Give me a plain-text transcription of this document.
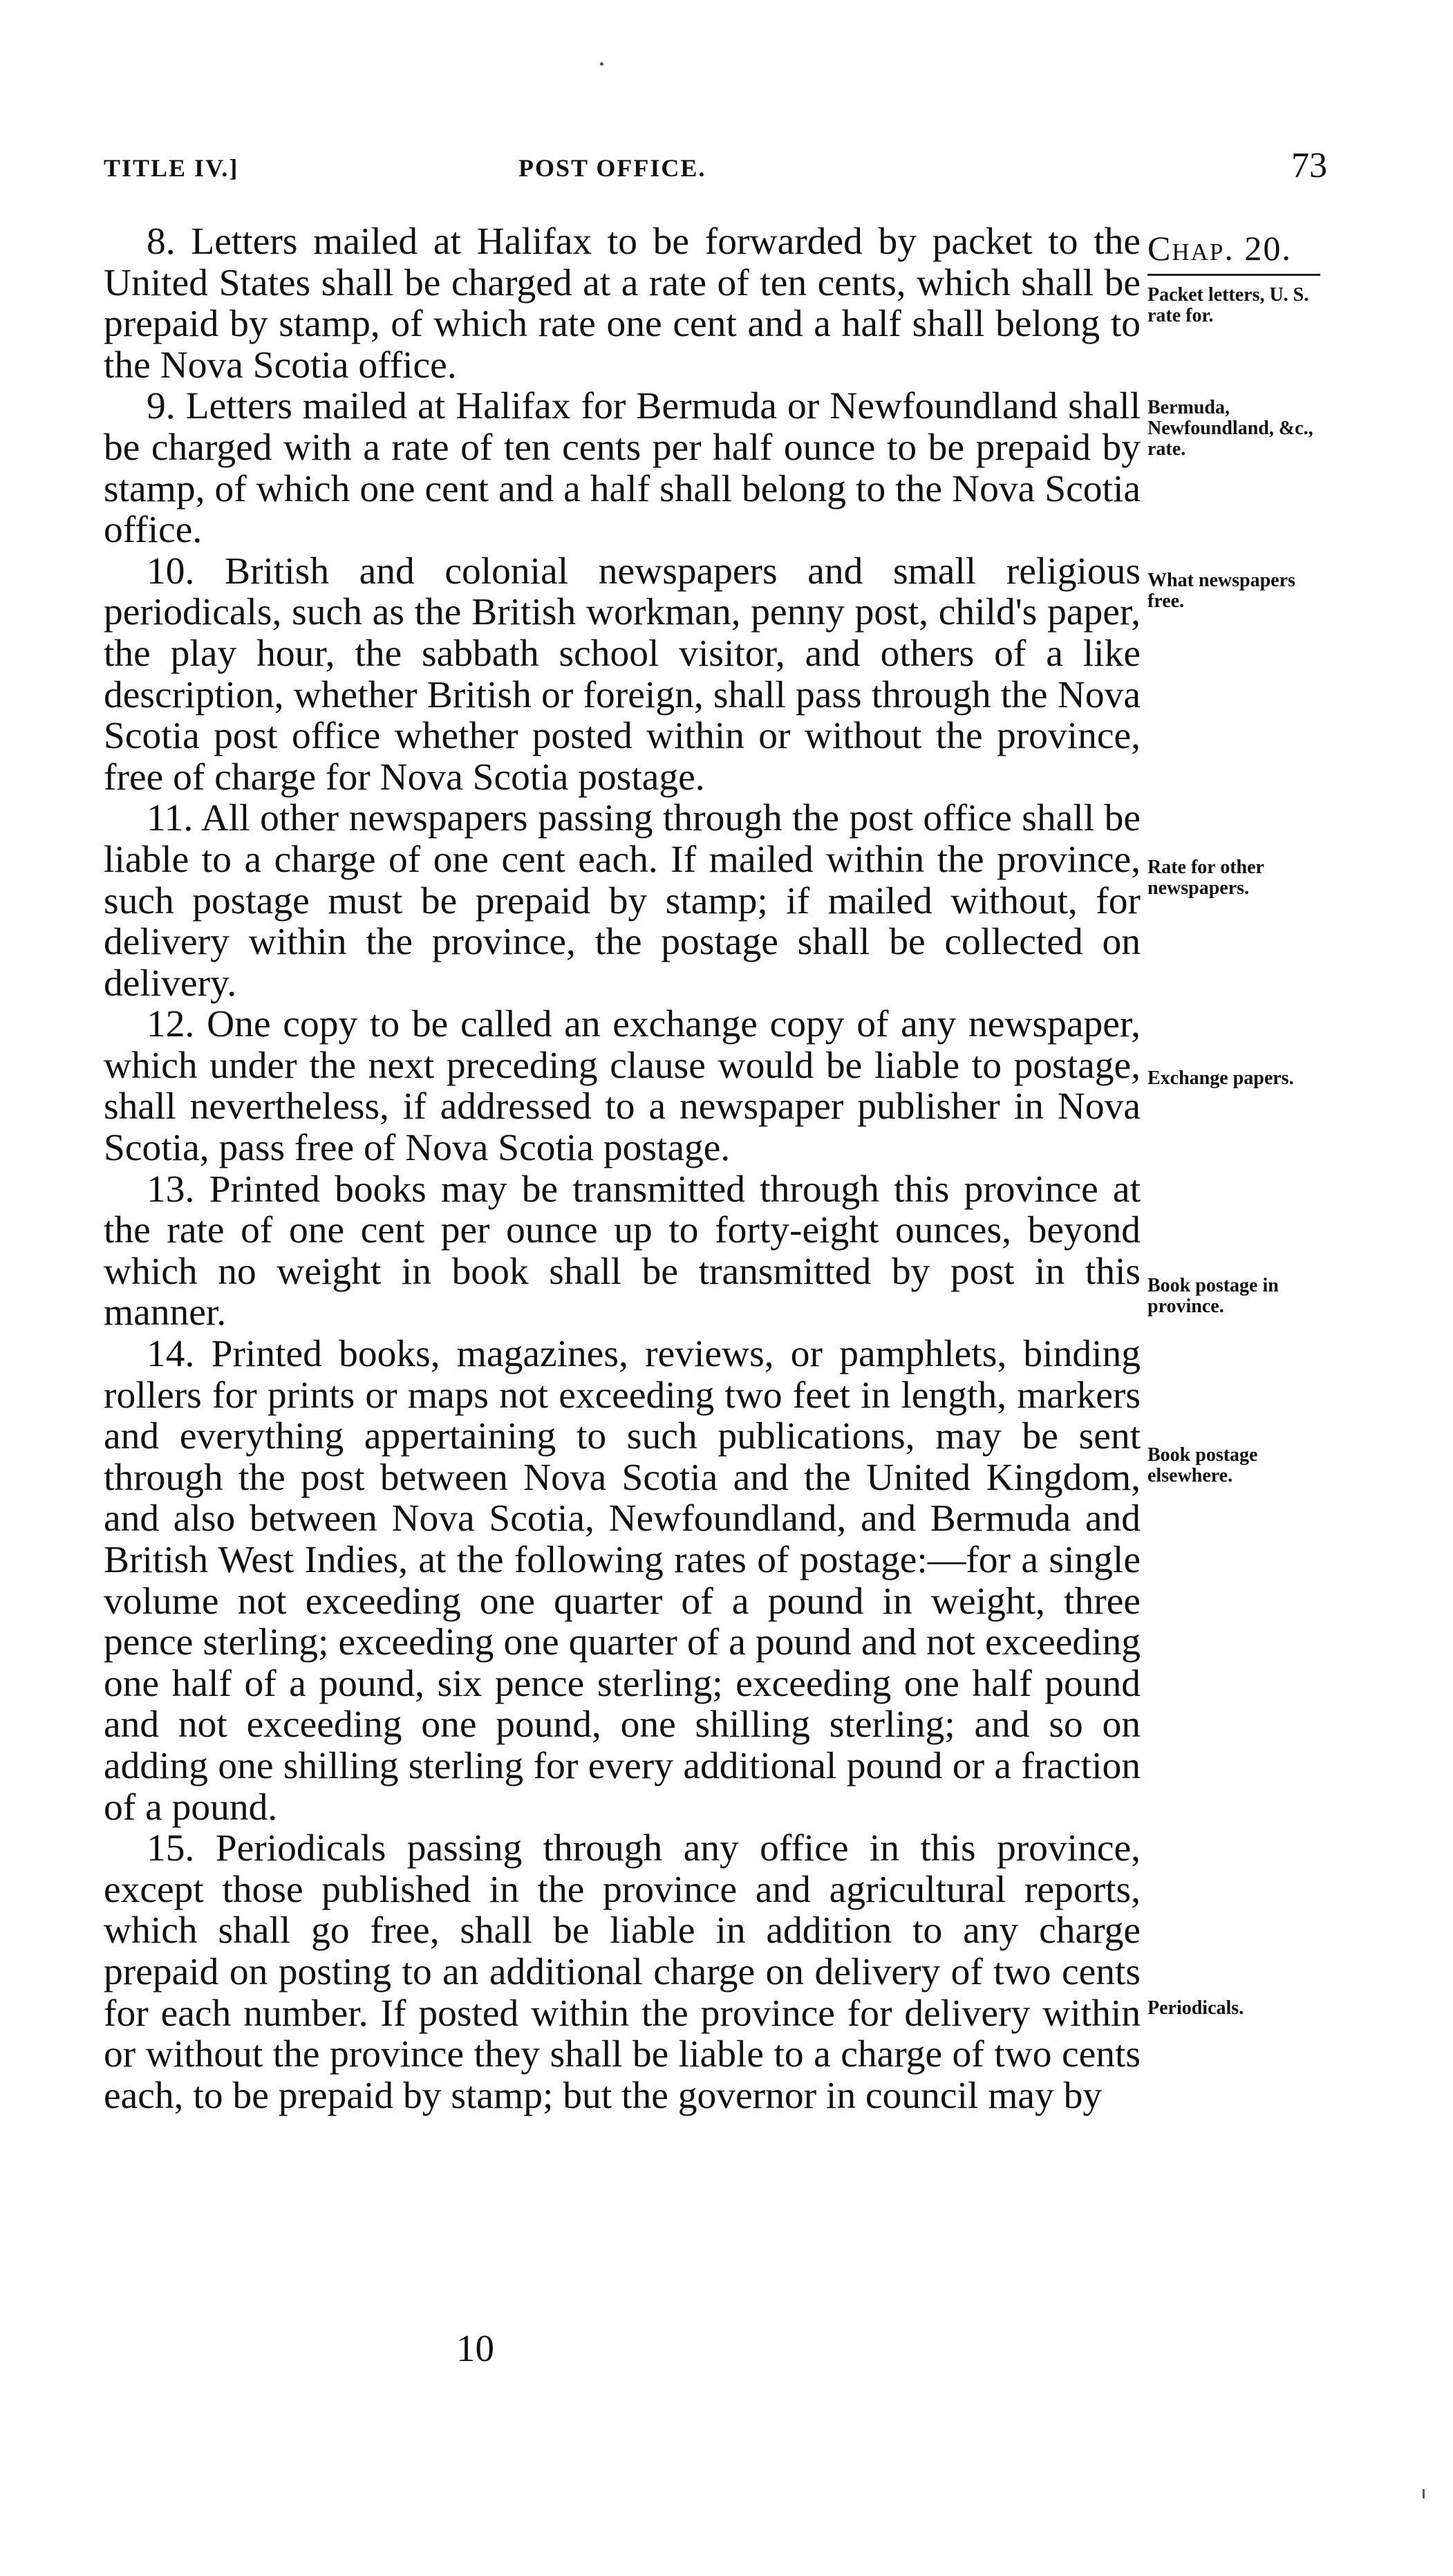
TITLE IV.]	POST OFFICE.	73

8. Letters mailed at Halifax to be forwarded by packet to the United States shall be charged at a rate of ten cents, which shall be prepaid by stamp, of which rate one cent and a half shall belong to the Nova Scotia office.

9. Letters mailed at Halifax for Bermuda or Newfoundland shall be charged with a rate of ten cents per half ounce to be prepaid by stamp, of which one cent and a half shall belong to the Nova Scotia office.

10. British and colonial newspapers and small religious periodicals, such as the British workman, penny post, child's paper, the play hour, the sabbath school visitor, and others of a like description, whether British or foreign, shall pass through the Nova Scotia post office whether posted within or without the province, free of charge for Nova Scotia postage.

11. All other newspapers passing through the post office shall be liable to a charge of one cent each. If mailed within the province, such postage must be prepaid by stamp; if mailed without, for delivery within the province, the postage shall be collected on delivery.

12. One copy to be called an exchange copy of any newspaper, which under the next preceding clause would be liable to postage, shall nevertheless, if addressed to a newspaper publisher in Nova Scotia, pass free of Nova Scotia postage.

13. Printed books may be transmitted through this province at the rate of one cent per ounce up to forty-eight ounces, beyond which no weight in book shall be transmitted by post in this manner.

14. Printed books, magazines, reviews, or pamphlets, binding rollers for prints or maps not exceeding two feet in length, markers and everything appertaining to such publications, may be sent through the post between Nova Scotia and the United Kingdom, and also between Nova Scotia, Newfoundland, and Bermuda and British West Indies, at the following rates of postage:—for a single volume not exceeding one quarter of a pound in weight, three pence sterling; exceeding one quarter of a pound and not exceeding one half of a pound, six pence sterling; exceeding one half pound and not exceeding one pound, one shilling sterling; and so on adding one shilling sterling for every additional pound or a fraction of a pound.

15. Periodicals passing through any office in this province, except those published in the province and agricultural reports, which shall go free, shall be liable in addition to any charge prepaid on posting to an additional charge on delivery of two cents for each number. If posted within the province for delivery within or without the province they shall be liable to a charge of two cents each, to be prepaid by stamp; but the governor in council may by

Chap. 20.
Packet letters, U. S. rate for.
Bermuda, Newfoundland, &c., rate.
What newspapers free.
Rate for other newspapers.
Exchange papers.
Book postage in province.
Book postage elsewhere.
Periodicals.
10
